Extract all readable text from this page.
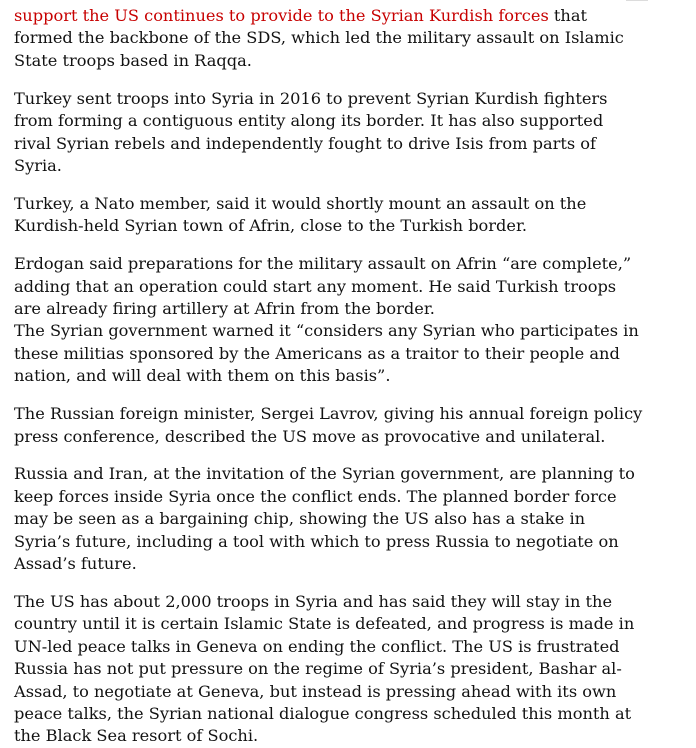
support the US continues to provide to the Syrian Kurdish forces that formed the backbone of the SDS, which led the military assault on Islamic State troops based in Raqqa.

Turkey sent troops into Syria in 2016 to prevent Syrian Kurdish fighters from forming a contiguous entity along its border. It has also supported rival Syrian rebels and independently fought to drive Isis from parts of Syria.

Turkey, a Nato member, said it would shortly mount an assault on the Kurdish-held Syrian town of Afrin, close to the Turkish border.

Erdogan said preparations for the military assault on Afrin “are complete,” adding that an operation could start any moment. He said Turkish troops are already firing artillery at Afrin from the border.

The Syrian government warned it “considers any Syrian who participates in these militias sponsored by the Americans as a traitor to their people and nation, and will deal with them on this basis”.

The Russian foreign minister, Sergei Lavrov, giving his annual foreign policy press conference, described the US move as provocative and unilateral.

Russia and Iran, at the invitation of the Syrian government, are planning to keep forces inside Syria once the conflict ends. The planned border force may be seen as a bargaining chip, showing the US also has a stake in Syria’s future, including a tool with which to press Russia to negotiate on Assad’s future.

The US has about 2,000 troops in Syria and has said they will stay in the country until it is certain Islamic State is defeated, and progress is made in UN-led peace talks in Geneva on ending the conflict. The US is frustrated Russia has not put pressure on the regime of Syria’s president, Bashar al-Assad, to negotiate at Geneva, but instead is pressing ahead with its own peace talks, the Syrian national dialogue congress scheduled this month at the Black Sea resort of Sochi.
